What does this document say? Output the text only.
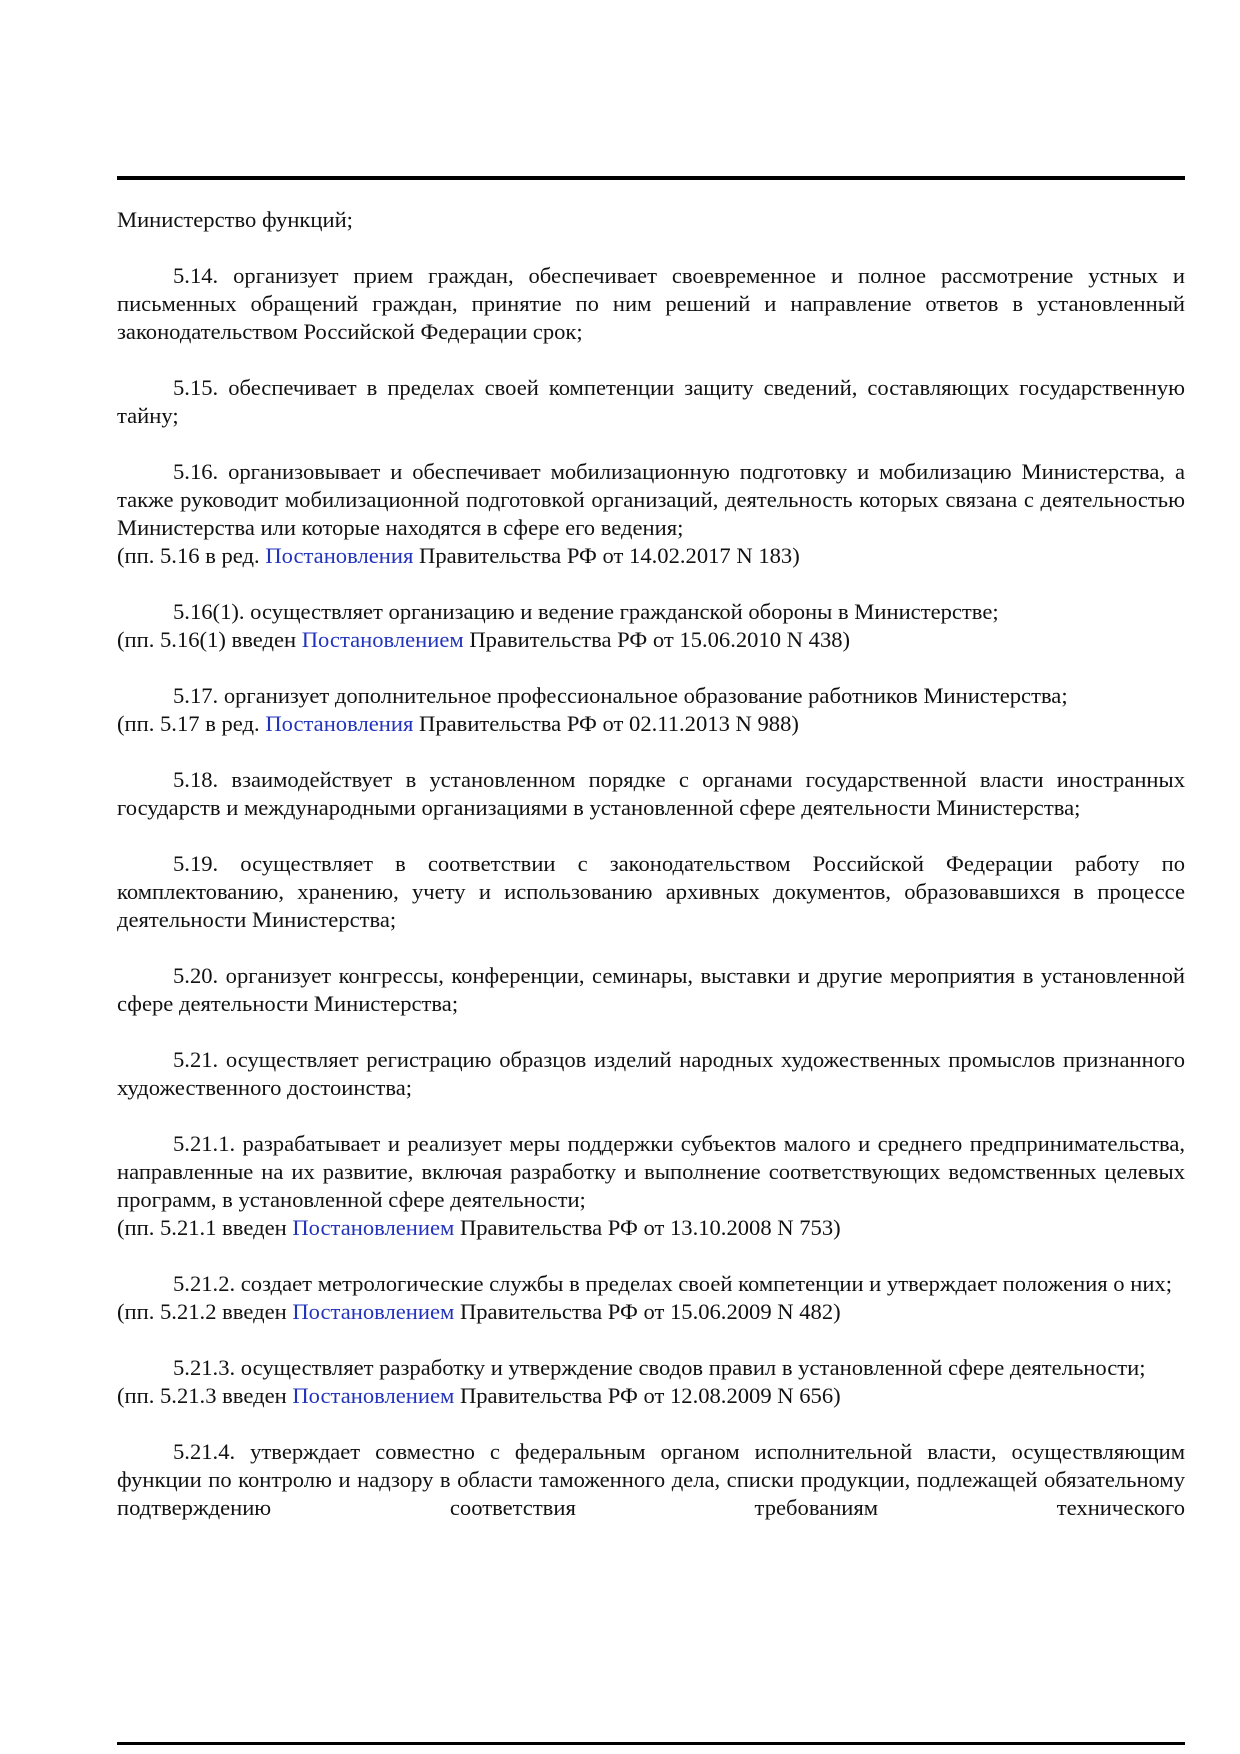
Министерство функций;

5.14. организует прием граждан, обеспечивает своевременное и полное рассмотрение устных и письменных обращений граждан, принятие по ним решений и направление ответов в установленный законодательством Российской Федерации срок;

5.15. обеспечивает в пределах своей компетенции защиту сведений, составляющих государственную тайну;

5.16. организовывает и обеспечивает мобилизационную подготовку и мобилизацию Министерства, а также руководит мобилизационной подготовкой организаций, деятельность которых связана с деятельностью Министерства или которые находятся в сфере его ведения;

(пп. 5.16 в ред. Постановления Правительства РФ от 14.02.2017 N 183)

5.16(1). осуществляет организацию и ведение гражданской обороны в Министерстве;

(пп. 5.16(1) введен Постановлением Правительства РФ от 15.06.2010 N 438)

5.17. организует дополнительное профессиональное образование работников Министерства;

(пп. 5.17 в ред. Постановления Правительства РФ от 02.11.2013 N 988)

5.18. взаимодействует в установленном порядке с органами государственной власти иностранных государств и международными организациями в установленной сфере деятельности Министерства;

5.19. осуществляет в соответствии с законодательством Российской Федерации работу по комплектованию, хранению, учету и использованию архивных документов, образовавшихся в процессе деятельности Министерства;

5.20. организует конгрессы, конференции, семинары, выставки и другие мероприятия в установленной сфере деятельности Министерства;

5.21. осуществляет регистрацию образцов изделий народных художественных промыслов признанного художественного достоинства;

5.21.1. разрабатывает и реализует меры поддержки субъектов малого и среднего предпринимательства, направленные на их развитие, включая разработку и выполнение соответствующих ведомственных целевых программ, в установленной сфере деятельности;

(пп. 5.21.1 введен Постановлением Правительства РФ от 13.10.2008 N 753)

5.21.2. создает метрологические службы в пределах своей компетенции и утверждает положения о них;

(пп. 5.21.2 введен Постановлением Правительства РФ от 15.06.2009 N 482)

5.21.3. осуществляет разработку и утверждение сводов правил в установленной сфере деятельности;

(пп. 5.21.3 введен Постановлением Правительства РФ от 12.08.2009 N 656)

5.21.4. утверждает совместно с федеральным органом исполнительной власти, осуществляющим функции по контролю и надзору в области таможенного дела, списки продукции, подлежащей обязательному подтверждению соответствия требованиям технического
